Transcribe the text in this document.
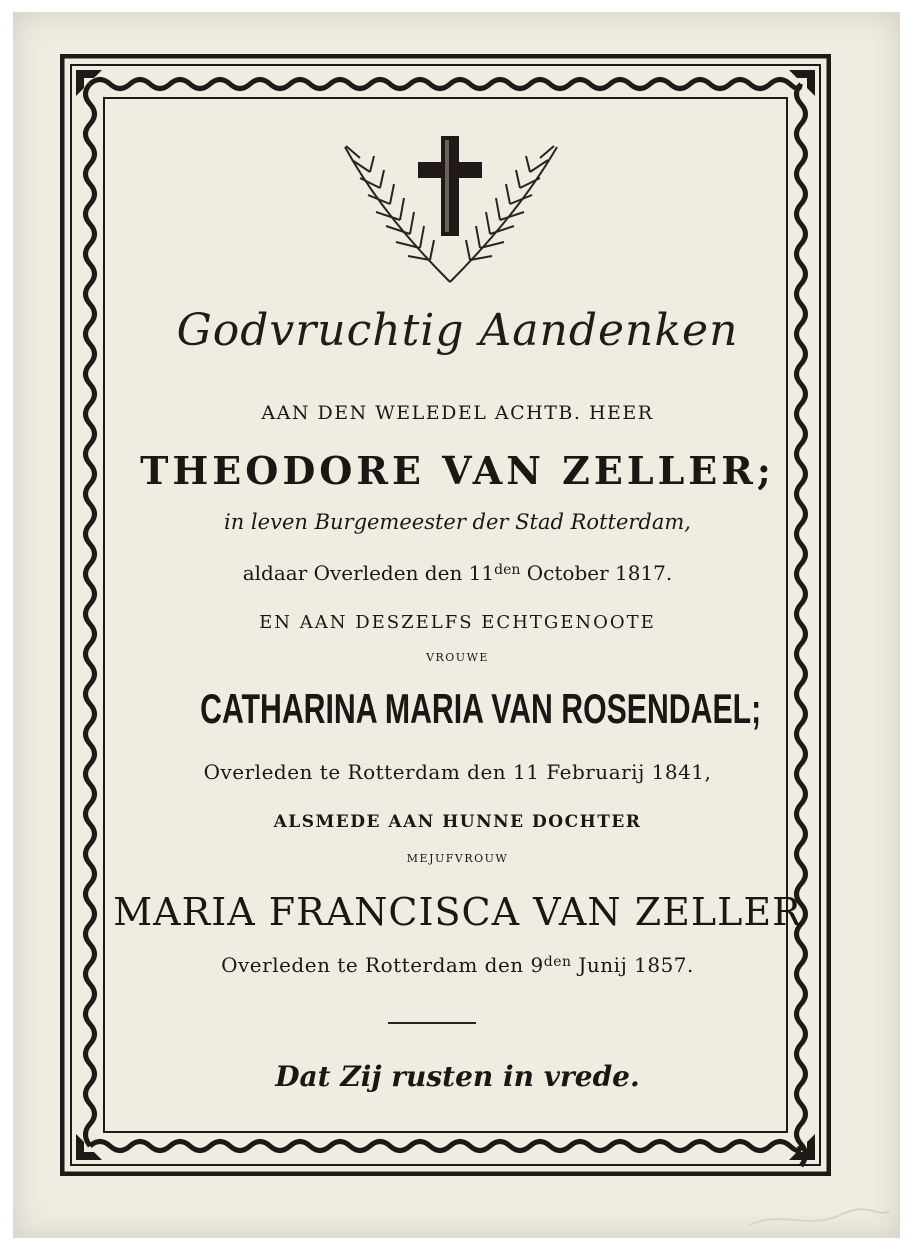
Godvruchtig Aandenken
AAN DEN WELEDEL ACHTB. HEER
THEODORE VAN ZELLER;
in leven Burgemeester der Stad Rotterdam,
aldaar Overleden den $11^{den}$ October 1817.
EN AAN DESZELFS ECHTGENOOTE
VROUWE
CATHARINA MARIA VAN ROSENDAEL;
Overleden te Rotterdam den 11 Februarij 1841,
ALSMEDE AAN HUNNE DOCHTER
MEJUFVROUW
MARIA FRANCISCA VAN ZELLER
Overleden te Rotterdam den $9^{den}$ Junij 1857.
Dat Zij rusten in vrede.
